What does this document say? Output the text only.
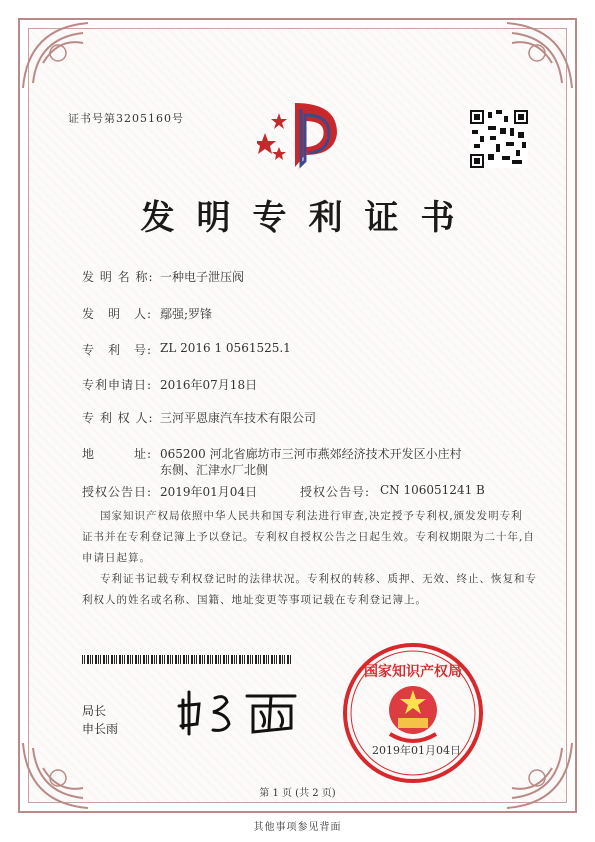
证书号第3205160号
发明专利证书
发 明 名 称: 一种电子泄压阀
发　明　人: 鄢强;罗锋
专　利　号: ZL 2016 1 0561525.1
专利申请日: 2016年07月18日
专 利 权 人: 三河平恩康汽车技术有限公司
地　　　址: 065200 河北省廊坊市三河市燕郊经济技术开发区小庄村
东侧、汇津水厂北侧
授权公告日: 2019年01月04日	授权公告号: CN 106051241 B
国家知识产权局依照中华人民共和国专利法进行审查,决定授予专利权,颁发发明专利
证书并在专利登记簿上予以登记。专利权自授权公告之日起生效。专利权期限为二十年,自
申请日起算。
专利证书记载专利权登记时的法律状况。专利权的转移、质押、无效、终止、恢复和专
利权人的姓名或名称、国籍、地址变更等事项记载在专利登记簿上。
局长
申长雨
国家知识产权局
2019年01月04日
第 1 页 (共 2 页)
其他事项参见背面
